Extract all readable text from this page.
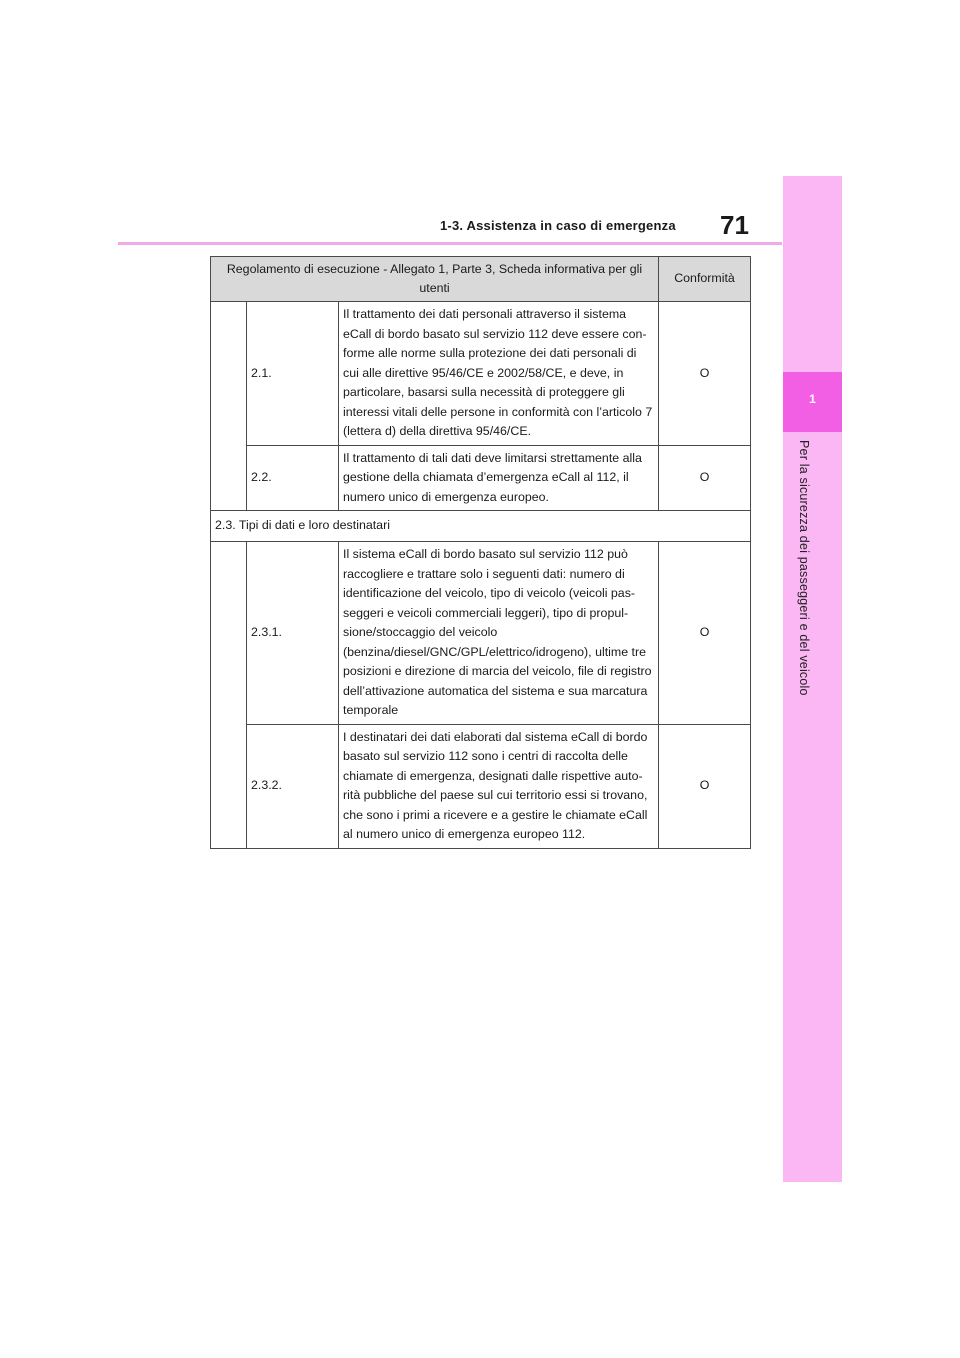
1-3. Assistenza in caso di emergenza 71
1
Per la sicurezza dei passeggeri e del veicolo
Regolamento di esecuzione - Allegato 1, Parte 3, Scheda informativa per gli utenti			Conformità
	2.1.	Il trattamento dei dati personali attraverso il sistema eCall di bordo basato sul servizio 112 deve essere con-forme alle norme sulla protezione dei dati personali di cui alle direttive 95/46/CE e 2002/58/CE, e deve, in particolare, basarsi sulla necessità di proteggere gli interessi vitali delle persone in conformità con l’articolo 7 (lettera d) della direttiva 95/46/CE.	O
	2.2.	Il trattamento di tali dati deve limitarsi strettamente alla gestione della chiamata d’emergenza eCall al 112, il numero unico di emergenza europeo.	O
2.3. Tipi di dati e loro destinatari			
	2.3.1.	Il sistema eCall di bordo basato sul servizio 112 può raccogliere e trattare solo i seguenti dati: numero di identificazione del veicolo, tipo di veicolo (veicoli pas-seggeri e veicoli commerciali leggeri), tipo di propul-sione/stoccaggio del veicolo (benzina/diesel/GNC/GPL/elettrico/idrogeno), ultime tre posizioni e direzione di marcia del veicolo, file di registro dell’attivazione automatica del sistema e sua marcatura temporale	O
	2.3.2.	I destinatari dei dati elaborati dal sistema eCall di bordo basato sul servizio 112 sono i centri di raccolta delle chiamate di emergenza, designati dalle rispettive auto-rità pubbliche del paese sul cui territorio essi si trovano, che sono i primi a ricevere e a gestire le chiamate eCall al numero unico di emergenza europeo 112.	O
